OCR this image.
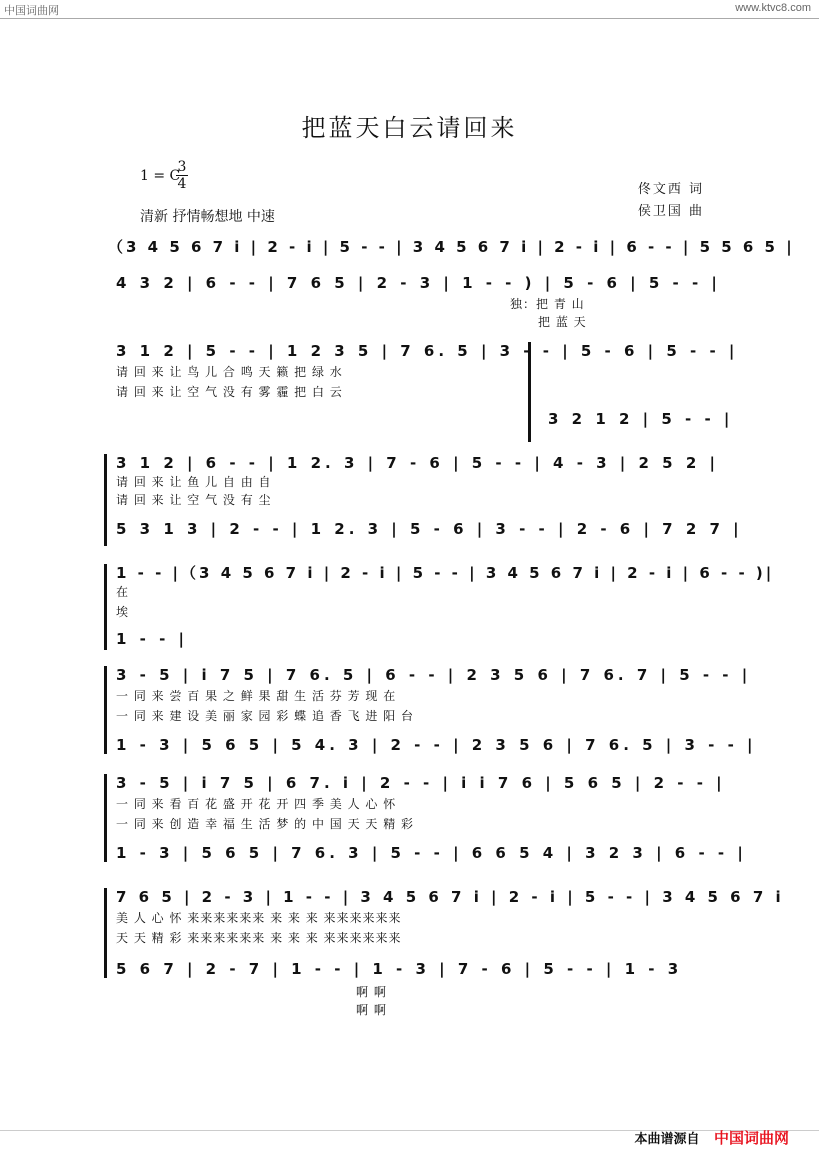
中国词曲网	www.ktvc8.com
把蓝天白云请回来
佟文西 词
侯卫国 曲
1 = C
3
4
清新 抒情畅想地 中速
（3 4 5 6 7 i | 2 - i | 5 - - | 3 4 5 6 7 i | 2 - i | 6 - - | 5 5 6 5 |
4 3 2 | 6 - - | 7 6 5 | 2 - 3 | 1 - - ) | 5 - 6 | 5 - - |
独：把 青 山
把 蓝 天
3 1 2 | 5 - - | 1 2 3 5 | 7 6. 5 | 3 - - | 5 - 6 | 5 - - |
请 回 来 让 鸟 儿 合 鸣 天 籁 把 绿 水
请 回 来 让 空 气 没 有 雾 霾 把 白 云
3 2 1 2 | 5 - - |
3 1 2 | 6 - - | 1 2. 3 | 7 - 6 | 5 - - | 4 - 3 | 2 5 2 |
请 回 来 让 鱼 儿 自 由 自
请 回 来 让 空 气 没 有 尘
5 3 1 3 | 2 - - | 1 2. 3 | 5 - 6 | 3 - - | 2 - 6 | 7 2 7 |
1 - - |（3 4 5 6 7 i | 2 - i | 5 - - | 3 4 5 6 7 i | 2 - i | 6 - - )|
在
埃
1 - - |
3 - 5 | i 7 5 | 7 6. 5 | 6 - - | 2 3 5 6 | 7 6. 7 | 5 - - |
一 同 来 尝 百 果 之 鲜 果 甜 生 活 芬 芳 现 在
一 同 来 建 设 美 丽 家 园 彩 蝶 追 香 飞 进 阳 台
1 - 3 | 5 6 5 | 5 4. 3 | 2 - - | 2 3 5 6 | 7 6. 5 | 3 - - |
3 - 5 | i 7 5 | 6 7. i | 2 - - | i i 7 6 | 5 6 5 | 2 - - |
一 同 来 看 百 花 盛 开 花 开 四 季 美 人 心 怀
一 同 来 创 造 幸 福 生 活 梦 的 中 国 天 天 精 彩
1 - 3 | 5 6 5 | 7 6. 3 | 5 - - | 6 6 5 4 | 3 2 3 | 6 - - |
7 6 5 | 2 - 3 | 1 - - | 3 4 5 6 7 i | 2 - i | 5 - - | 3 4 5 6 7 i
美 人 心 怀 来来来来来来 来 来 来 来来来来来来
天 天 精 彩 来来来来来来 来 来 来 来来来来来来
5 6 7 | 2 - 7 | 1 - - | 1 - 3 | 7 - 6 | 5 - - | 1 - 3
啊 啊
啊 啊
本曲谱源自 中国词曲网
